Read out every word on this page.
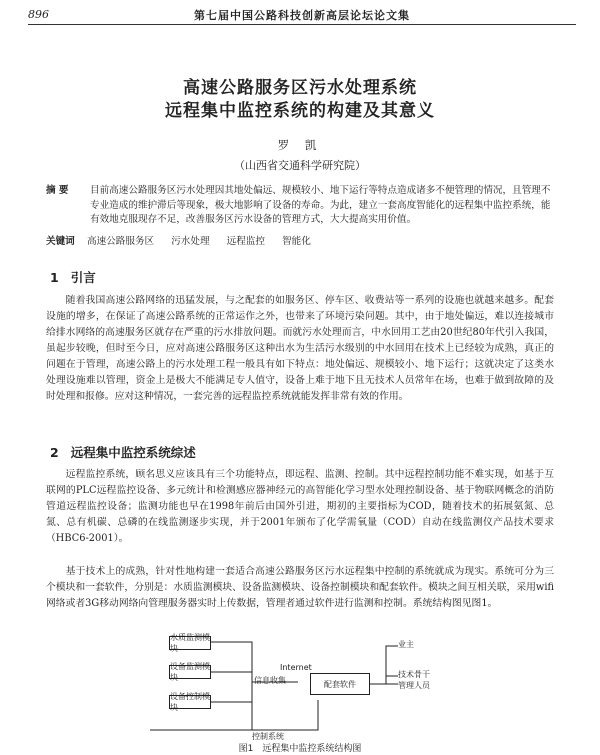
896	第七届中国公路科技创新高层论坛论文集
高速公路服务区污水处理系统
远程集中监控系统的构建及其意义
罗 凯
（山西省交通科学研究院）
摘 要 目前高速公路服务区污水处理因其地处偏远、规模较小、地下运行等特点造成诸多不便管理的情况，且管理不专业造成的维护滞后等现象，极大地影响了设备的寿命。为此，建立一套高度智能化的远程集中监控系统，能有效地克服现存不足，改善服务区污水设备的管理方式，大大提高实用价值。
关键词 高速公路服务区 污水处理 远程监控 智能化
1 引言

随着我国高速公路网络的迅猛发展，与之配套的如服务区、停车区、收费站等一系列的设施也就越来越多。配套设施的增多，在保证了高速公路系统的正常运作之外，也带来了环境污染问题。其中，由于地处偏远，难以连接城市给排水网络的高速服务区就存在严重的污水排放问题。而就污水处理而言，中水回用工艺由20世纪80年代引入我国，虽起步较晚，但时至今日，应对高速公路服务区这种出水为生活污水级别的中水回用在技术上已经较为成熟，真正的问题在于管理，高速公路上的污水处理工程一般具有如下特点：地处偏远、规模较小、地下运行；这就决定了这类水处理设施难以管理，资金上是极大不能满足专人值守，设备上难于地下且无技术人员常年在场，也难于做到故障的及时处理和报修。应对这种情况，一套完善的远程监控系统就能发挥非常有效的作用。

2 远程集中监控系统综述

远程监控系统，顾名思义应该具有三个功能特点，即远程、监测、控制。其中远程控制功能不难实现，如基于互联网的PLC远程监控设备、多元统计和检测感应器神经元的高智能化学习型水处理控制设备、基于物联网概念的消防管道远程监控设备；监测功能也早在1998年前后由国外引进，期初的主要指标为COD，随着技术的拓展氨氮、总氮、总有机碳、总磷的在线监测逐步实现，并于2001年颁布了化学需氧量（COD）自动在线监测仪产品技术要求（HBC6-2001）。

基于技术上的成熟，针对性地构建一套适合高速公路服务区污水远程集中控制的系统就成为现实。系统可分为三个模块和一套软件，分别是：水质监测模块、设备监测模块、设备控制模块和配套软件。模块之间互相关联，采用wifi网络或者3G移动网络向管理服务器实时上传数据，管理者通过软件进行监测和控制。系统结构图见图1。

水质监测模块
设备监测模块
设备控制模块
信息收集
Internet
配套软件
业主
技术骨干
管理人员
控制系统
图1　远程集中监控系统结构图
